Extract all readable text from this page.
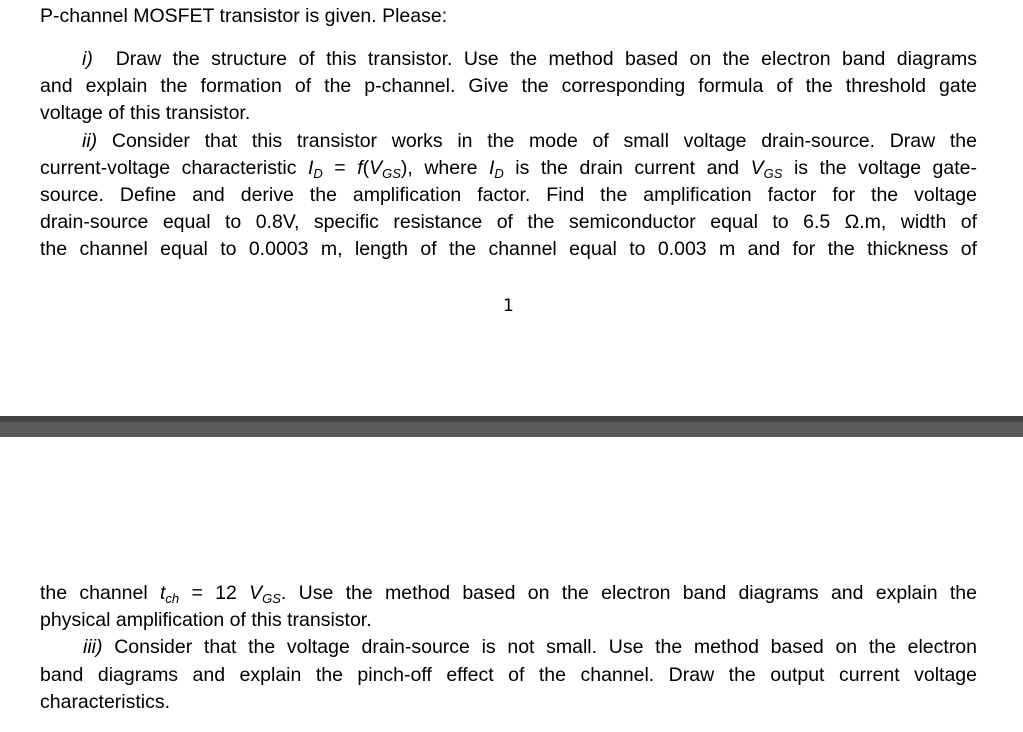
P-channel MOSFET transistor is given. Please:
i) Draw the structure of this transistor. Use the method based on the electron band diagrams
and explain the formation of the p-channel. Give the corresponding formula of the threshold gate
voltage of this transistor.
ii) Consider that this transistor works in the mode of small voltage drain-source. Draw the
current-voltage characteristic $I_D = f(V_{GS})$, where $I_D$ is the drain current and $V_{GS}$ is the voltage gate-
source. Define and derive the amplification factor. Find the amplification factor for the voltage
drain-source equal to 0.8V, specific resistance of the semiconductor equal to 6.5 Ω.m, width of
the channel equal to 0.0003 m, length of the channel equal to 0.003 m and for the thickness of
1
the channel $t_{ch} = 12$ $V_{GS}$. Use the method based on the electron band diagrams and explain the
physical amplification of this transistor.
iii) Consider that the voltage drain-source is not small. Use the method based on the electron
band diagrams and explain the pinch-off effect of the channel. Draw the output current voltage
characteristics.
